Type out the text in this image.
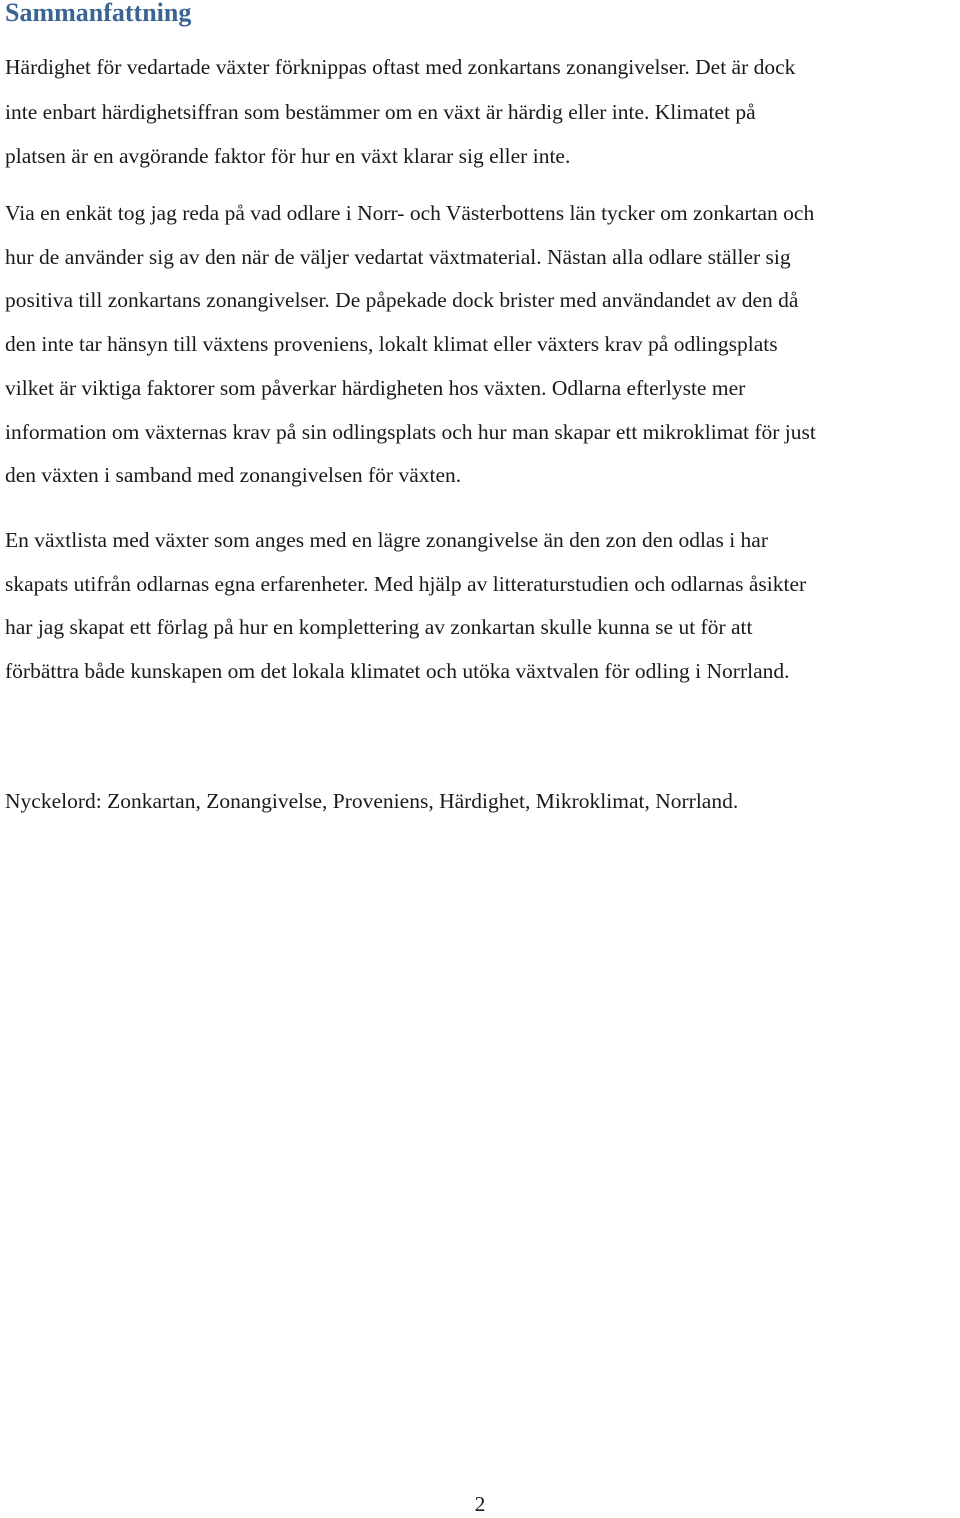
Sammanfattning

Härdighet för vedartade växter förknippas oftast med zonkartans zonangivelser. Det är dock
inte enbart härdighetsiffran som bestämmer om en växt är härdig eller inte. Klimatet på
platsen är en avgörande faktor för hur en växt klarar sig eller inte.

Via en enkät tog jag reda på vad odlare i Norr- och Västerbottens län tycker om zonkartan och
hur de använder sig av den när de väljer vedartat växtmaterial. Nästan alla odlare ställer sig
positiva till zonkartans zonangivelser. De påpekade dock brister med användandet av den då
den inte tar hänsyn till växtens proveniens, lokalt klimat eller växters krav på odlingsplats
vilket är viktiga faktorer som påverkar härdigheten hos växten. Odlarna efterlyste mer
information om växternas krav på sin odlingsplats och hur man skapar ett mikroklimat för just
den växten i samband med zonangivelsen för växten.

En växtlista med växter som anges med en lägre zonangivelse än den zon den odlas i har
skapats utifrån odlarnas egna erfarenheter. Med hjälp av litteraturstudien och odlarnas åsikter
har jag skapat ett förlag på hur en komplettering av zonkartan skulle kunna se ut för att
förbättra både kunskapen om det lokala klimatet och utöka växtvalen för odling i Norrland.

Nyckelord: Zonkartan, Zonangivelse, Proveniens, Härdighet, Mikroklimat, Norrland.

2
